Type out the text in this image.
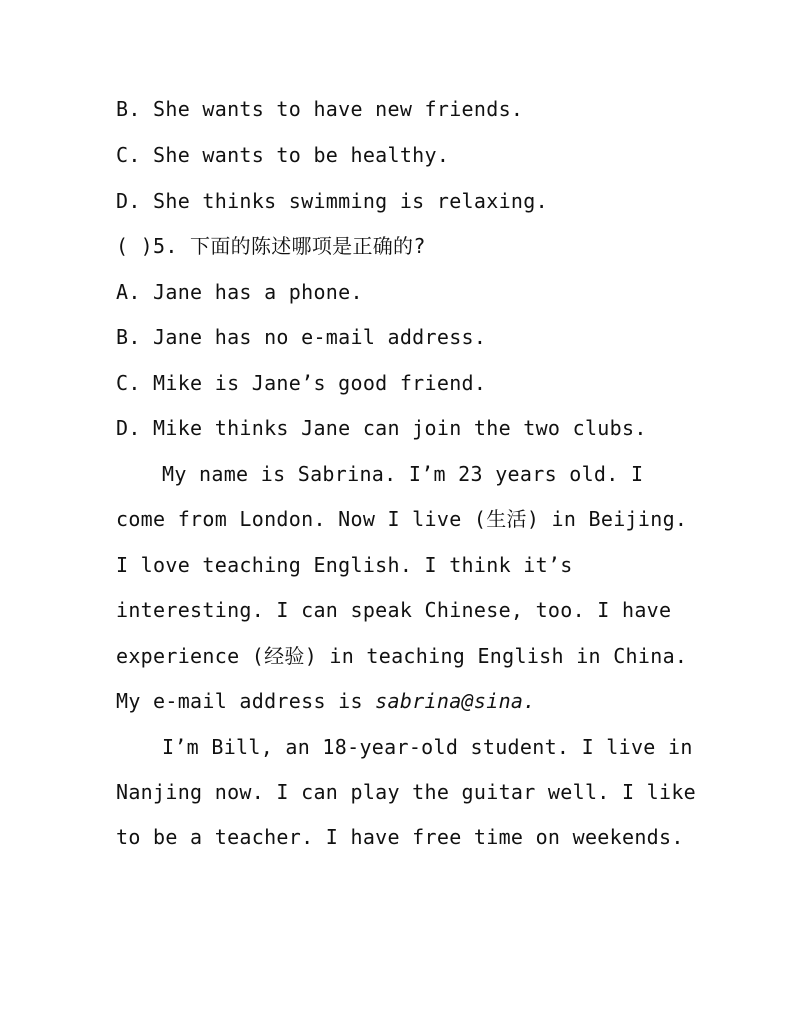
B. She wants to have new friends.
C. She wants to be healthy.
D. She thinks swimming is relaxing.
( )5. 下面的陈述哪项是正确的?
A. Jane has a phone.
B. Jane has no e-mail address.
C. Mike is Jane’s good friend.
D. Mike thinks Jane can join the two clubs.
My name is Sabrina. I’m 23 years old. I
come from London. Now I live (生活) in Beijing.
I love teaching English. I think it’s
interesting. I can speak Chinese, too. I have
experience (经验) in teaching English in China.
My e-mail address is sabrina@sina.
I’m Bill, an 18-year-old student. I live in
Nanjing now. I can play the guitar well. I like
to be a teacher. I have free time on weekends.
